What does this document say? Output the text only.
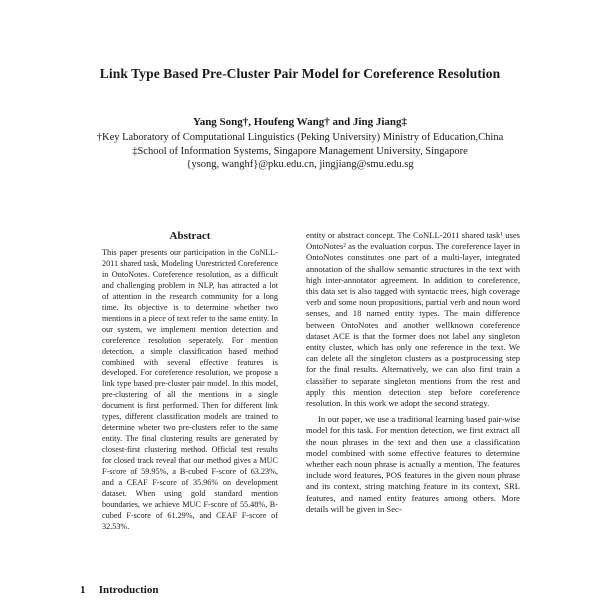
Link Type Based Pre-Cluster Pair Model for Coreference Resolution
Yang Song†, Houfeng Wang† and Jing Jiang‡
†Key Laboratory of Computational Linguistics (Peking University) Ministry of Education,China
‡School of Information Systems, Singapore Management University, Singapore
{ysong, wanghf}@pku.edu.cn, jingjiang@smu.edu.sg
Abstract

This paper presents our participation in the CoNLL-2011 shared task, Modeling Unrestricted Coreference in OntoNotes. Coreference resolution, as a difficult and challenging problem in NLP, has attracted a lot of attention in the research community for a long time. Its objective is to determine whether two mentions in a piece of text refer to the same entity. In our system, we implement mention detection and coreference resolution seperately. For mention detection, a simple classification based method combined with several effective features is developed. For coreference resolution, we propose a link type based pre-cluster pair model. In this model, pre-clustering of all the mentions in a single document is first performed. Then for different link types, different classification models are trained to determine wheter two pre-clusters refer to the same entity. The final clustering results are generated by closest-first clustering method. Official test results for closed track reveal that our method gives a MUC F-score of 59.95%, a B-cubed F-score of 63.23%, and a CEAF F-score of 35.96% on development dataset. When using gold standard mention boundaries, we achieve MUC F-score of 55.48%, B-cubed F-score of 61.29%, and CEAF F-score of 32.53%.

entity or abstract concept. The CoNLL-2011 shared task¹ uses OntoNotes² as the evaluation corpus. The coreference layer in OntoNotes constitutes one part of a multi-layer, integrated annotation of the shallow semantic structures in the text with high inter-annotator agreement. In addition to coreference, this data set is also tagged with syntactic trees, high coverage verb and some noun propositions, partial verb and noun word senses, and 18 named entity types. The main difference between OntoNotes and another wellknown coreference dataset ACE is that the former does not label any singleton entity cluster, which has only one reference in the text. We can delete all the singleton clusters as a postprocessing step for the final results. Alternatively, we can also first train a classifier to separate singleton mentions from the rest and apply this mention detection step before coreference resolution. In this work we adopt the second strategy.

In our paper, we use a traditional learning based pair-wise model for this task. For mention detection, we first extract all the noun phrases in the text and then use a classification model combined with some effective features to determine whether each noun phrase is actually a mention. The features include word features, POS features in the given noun phrase and its context, string matching feature in its context, SRL features, and named entity features among others. More details will be given in Sec-

1 Introduction
